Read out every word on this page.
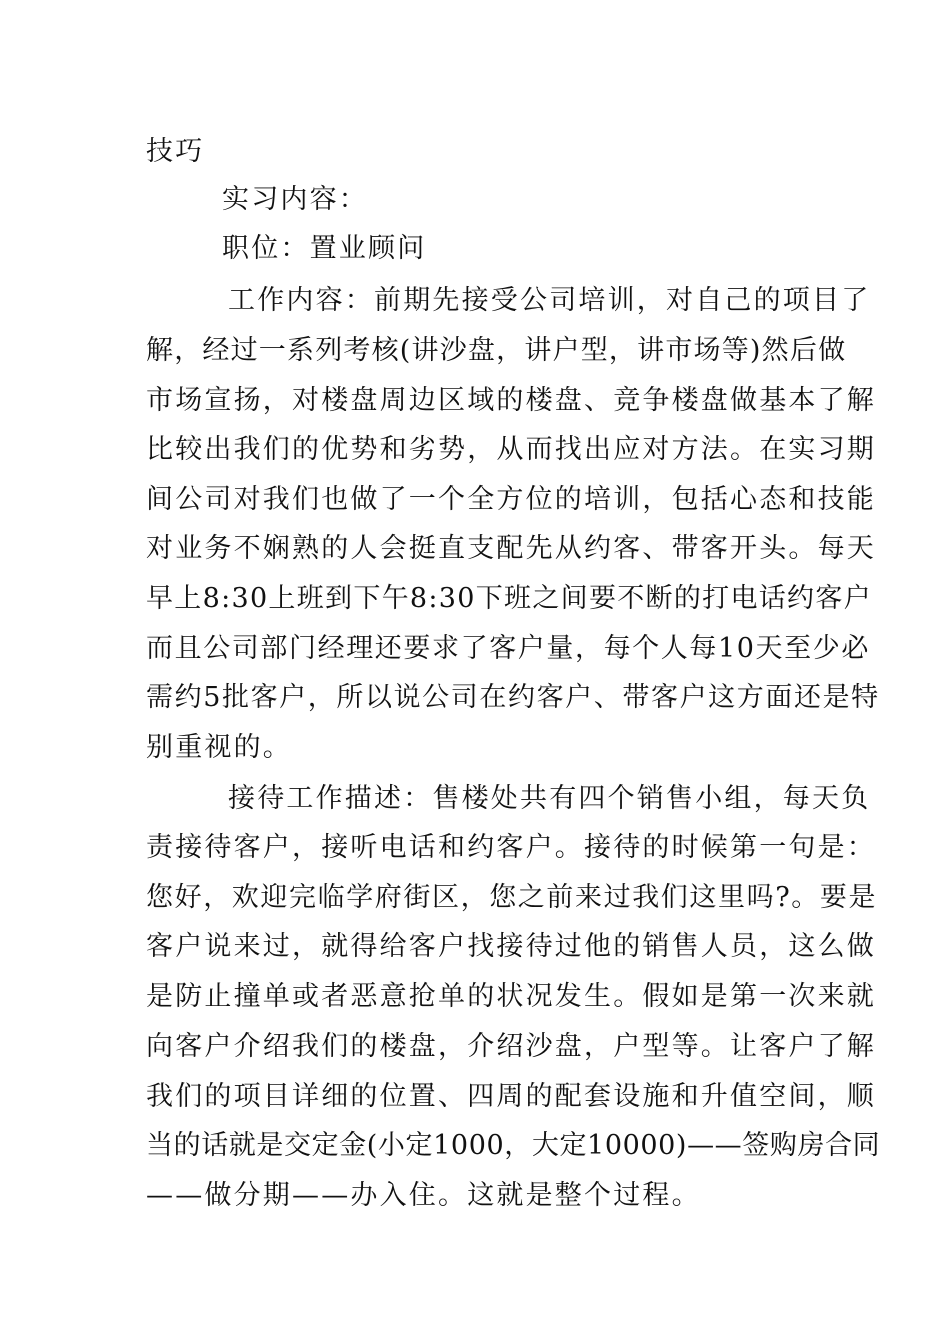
技巧
实习内容：
职位：置业顾问
工作内容：前期先接受公司培训，对自己的项目了
解，经过一系列考核(讲沙盘，讲户型，讲市场等)然后做
市场宣扬，对楼盘周边区域的楼盘、竞争楼盘做基本了解
比较出我们的优势和劣势，从而找出应对方法。在实习期
间公司对我们也做了一个全方位的培训，包括心态和技能
对业务不娴熟的人会挺直支配先从约客、带客开头。每天
早上8:30上班到下午8:30下班之间要不断的打电话约客户
而且公司部门经理还要求了客户量，每个人每10天至少必
需约5批客户，所以说公司在约客户、带客户这方面还是特
别重视的。
接待工作描述：售楼处共有四个销售小组，每天负
责接待客户，接听电话和约客户。接待的时候第一句是：
您好，欢迎完临学府街区，您之前来过我们这里吗?。要是
客户说来过，就得给客户找接待过他的销售人员，这么做
是防止撞单或者恶意抢单的状况发生。假如是第一次来就
向客户介绍我们的楼盘，介绍沙盘，户型等。让客户了解
我们的项目详细的位置、四周的配套设施和升值空间，顺
当的话就是交定金(小定1000，大定10000)——签购房合同
——做分期——办入住。这就是整个过程。
